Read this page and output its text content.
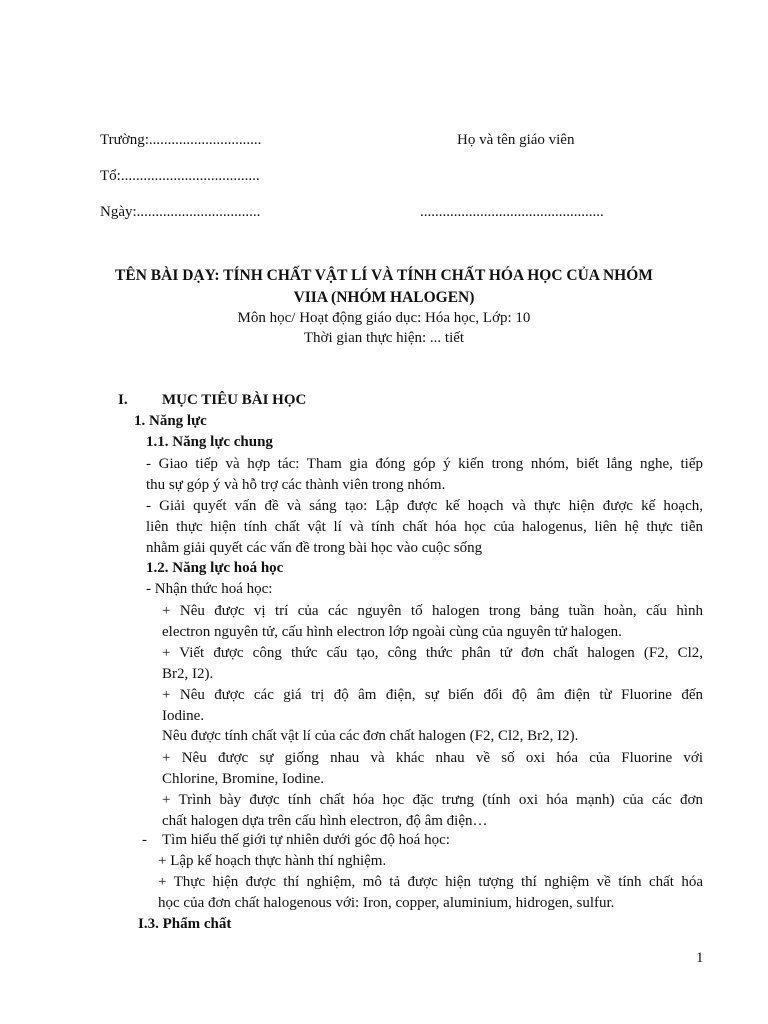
Trường:..............................	Họ và tên giáo viên
Tổ:.....................................
Ngày:.................................	.................................................
TÊN BÀI DẠY: TÍNH CHẤT VẬT LÍ VÀ TÍNH CHẤT HÓA HỌC CỦA NHÓM
VIIA (NHÓM HALOGEN)
Môn học/ Hoạt động giáo dục: Hóa học, Lớp: 10
Thời gian thực hiện: ... tiết
I. MỤC TIÊU BÀI HỌC
1. Năng lực
1.1. Năng lực chung
- Giao tiếp và hợp tác: Tham gia đóng góp ý kiến trong nhóm, biết lắng nghe, tiếp
thu sự góp ý và hỗ trợ các thành viên trong nhóm.
- Giải quyết vấn đề và sáng tạo: Lập được kế hoạch và thực hiện được kế hoạch,
liên thực hiện tính chất vật lí và tính chất hóa học của halogenus, liên hệ thực tiễn
nhằm giải quyết các vấn đề trong bài học vào cuộc sống
1.2. Năng lực hoá học
- Nhận thức hoá học:
+ Nêu được vị trí của các nguyên tố halogen trong bảng tuần hoàn, cấu hình
electron nguyên tử, cấu hình electron lớp ngoài cùng của nguyên tử halogen.
+ Viết được công thức cấu tạo, công thức phân tử đơn chất halogen (F2, Cl2,
Br2, I2).
+ Nêu được các giá trị độ âm điện, sự biến đổi độ âm điện từ Fluorine đến
Iodine.
Nêu được tính chất vật lí của các đơn chất halogen (F2, Cl2, Br2, I2).
+ Nêu được sự giống nhau và khác nhau về số oxi hóa của Fluorine với
Chlorine, Bromine, Iodine.
+ Trình bày được tính chất hóa học đặc trưng (tính oxi hóa mạnh) của các đơn
chất halogen dựa trên cấu hình electron, độ âm điện…
- Tìm hiểu thế giới tự nhiên dưới góc độ hoá học:
+ Lập kế hoạch thực hành thí nghiệm.
+ Thực hiện được thí nghiệm, mô tả được hiện tượng thí nghiệm về tính chất hóa
học của đơn chất halogenous với: Iron, copper, aluminium, hidrogen, sulfur.
I.3. Phẩm chất
1
